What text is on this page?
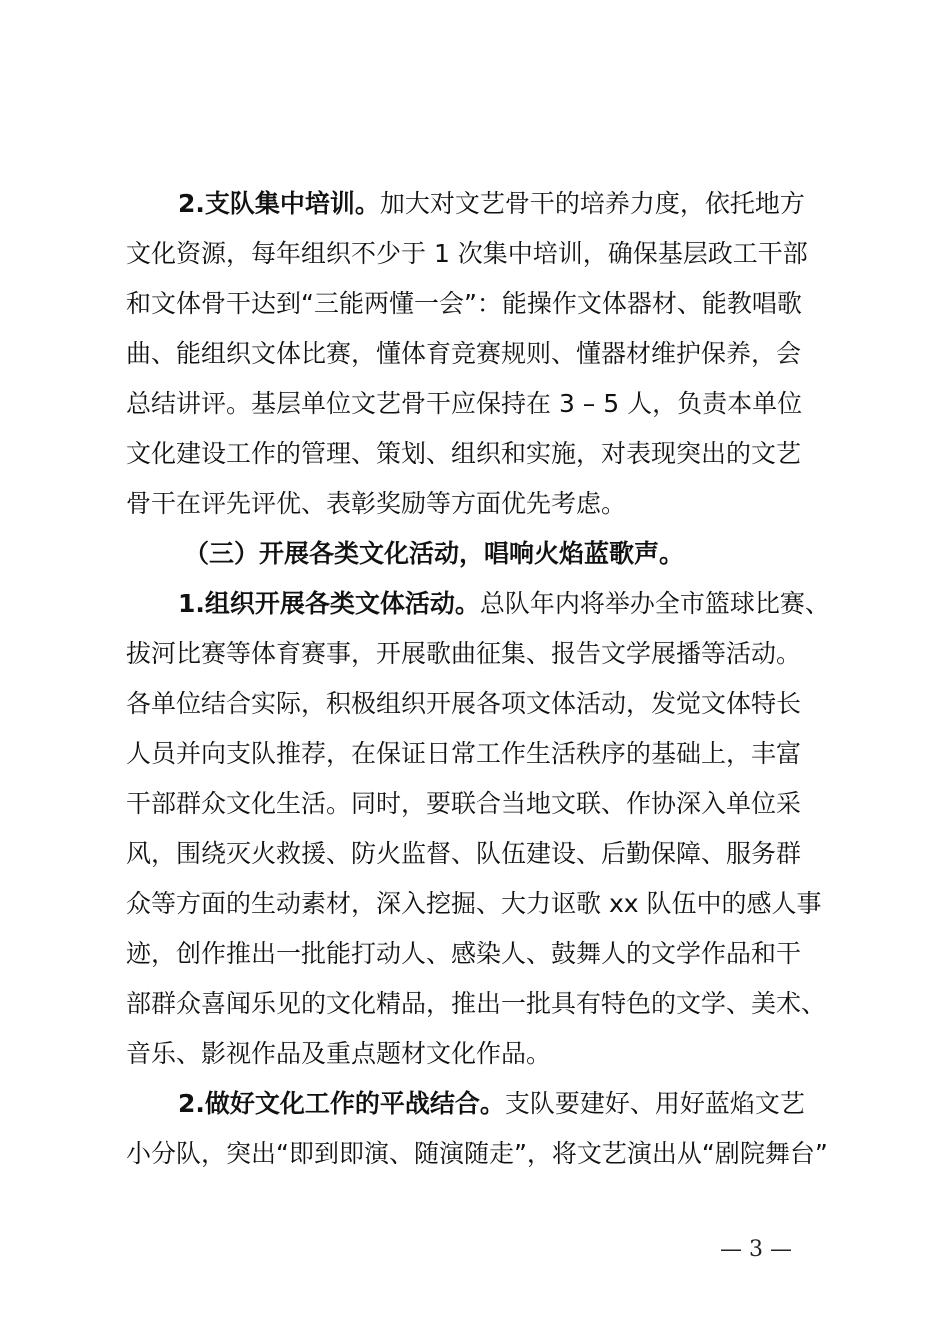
2.支队集中培训。加大对文艺骨干的培养力度，依托地方
文化资源，每年组织不少于 1 次集中培训，确保基层政工干部
和文体骨干达到“三能两懂一会”：能操作文体器材、能教唱歌
曲、能组织文体比赛，懂体育竞赛规则、懂器材维护保养，会
总结讲评。基层单位文艺骨干应保持在 3 – 5 人，负责本单位
文化建设工作的管理、策划、组织和实施，对表现突出的文艺
骨干在评先评优、表彰奖励等方面优先考虑。
（三）开展各类文化活动，唱响火焰蓝歌声。
1.组织开展各类文体活动。总队年内将举办全市篮球比赛、
拔河比赛等体育赛事，开展歌曲征集、报告文学展播等活动。
各单位结合实际，积极组织开展各项文体活动，发觉文体特长
人员并向支队推荐，在保证日常工作生活秩序的基础上，丰富
干部群众文化生活。同时，要联合当地文联、作协深入单位采
风，围绕灭火救援、防火监督、队伍建设、后勤保障、服务群
众等方面的生动素材，深入挖掘、大力讴歌 xx 队伍中的感人事
迹，创作推出一批能打动人、感染人、鼓舞人的文学作品和干
部群众喜闻乐见的文化精品，推出一批具有特色的文学、美术、
音乐、影视作品及重点题材文化作品。
2.做好文化工作的平战结合。支队要建好、用好蓝焰文艺
小分队，突出“即到即演、随演随走”，将文艺演出从“剧院舞台”
— 3 —
